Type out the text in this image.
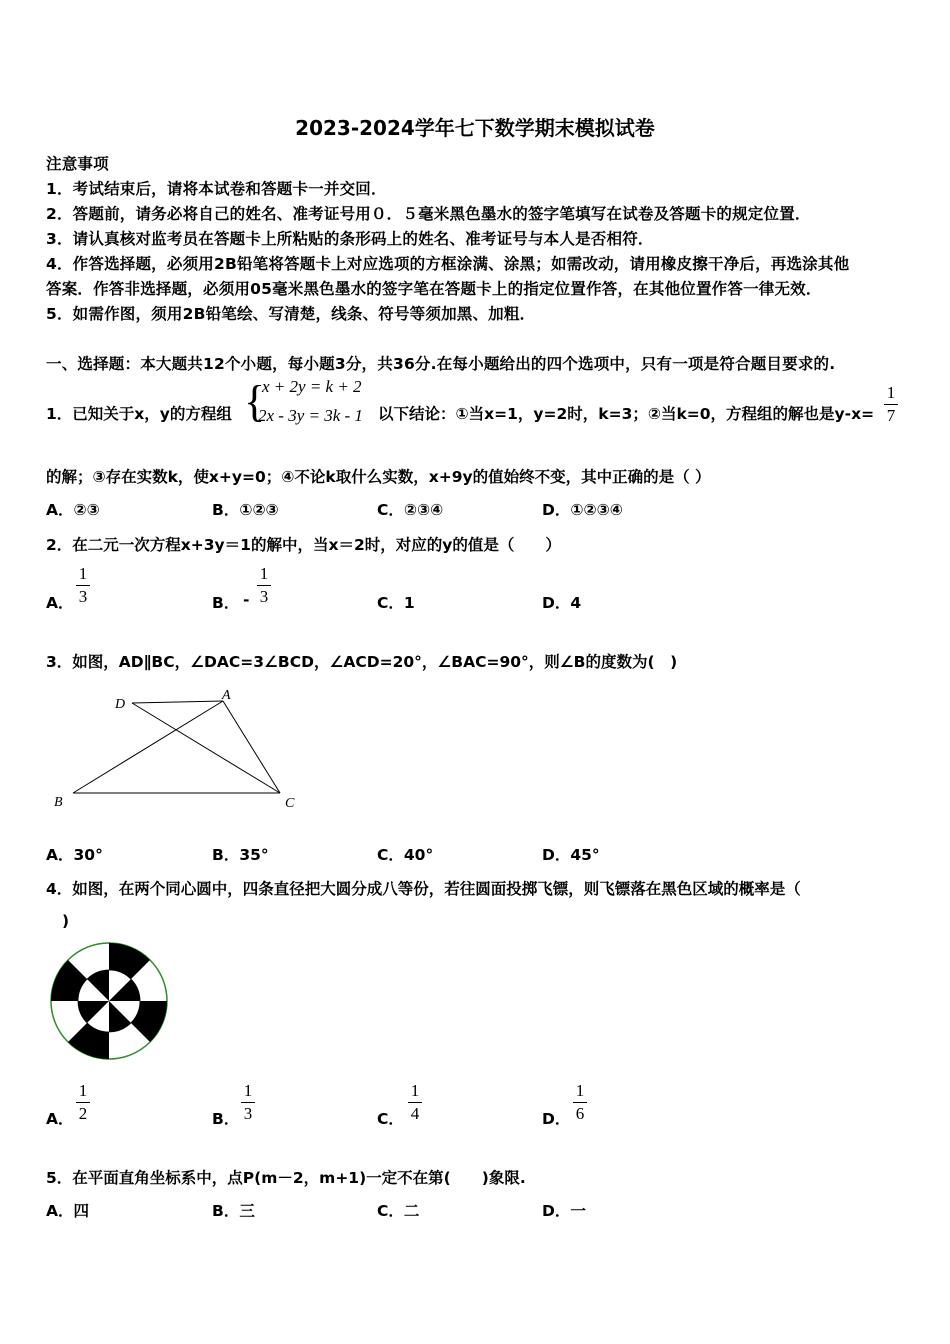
2023-2024学年七下数学期末模拟试卷
注意事项
1．考试结束后，请将本试卷和答题卡一并交回．
2．答题前，请务必将自己的姓名、准考证号用０．５毫米黑色墨水的签字笔填写在试卷及答题卡的规定位置．
3．请认真核对监考员在答题卡上所粘贴的条形码上的姓名、准考证号与本人是否相符．
4．作答选择题，必须用2B铅笔将答题卡上对应选项的方框涂满、涂黑；如需改动，请用橡皮擦干净后，再选涂其他
答案．作答非选择题，必须用05毫米黑色墨水的签字笔在答题卡上的指定位置作答，在其他位置作答一律无效．
5．如需作图，须用2B铅笔绘、写清楚，线条、符号等须加黑、加粗．
一、选择题：本大题共12个小题，每小题3分，共36分.在每小题给出的四个选项中，只有一项是符合题目要求的.
1．已知关于x，y的方程组 {
x + 2y = k + 2
2x - 3y = 3k - 1 以下结论：①当x=1，y=2时，k=3；②当k=0，方程组的解也是y-x=
1
7
的解；③存在实数k，使x+y=0；④不论k取什么实数，x+9y的值始终不变，其中正确的是（ ）
A．②③	B．①②③	C．②③④	D．①②③④
2．在二元一次方程x+3y＝1的解中，当x＝2时，对应的y的值是（　　）
A．
1
3	B． -
1
3	C．1	D．4
3．如图，AD∥BC，∠DAC=3∠BCD，∠ACD=20°，∠BAC=90°，则∠B的度数为(　)
D
A
B	C
A．30°	B．35°	C．40°	D．45°
4．如图，在两个同心圆中，四条直径把大圆分成八等份，若往圆面投掷飞镖，则飞镖落在黑色区域的概率是（
)
A．
1
2	B．
1
3	C．
1
4	D．
1
6
5．在平面直角坐标系中，点P(m－2，m+1)一定不在第(　　)象限.
A．四	B．三	C．二	D．一
